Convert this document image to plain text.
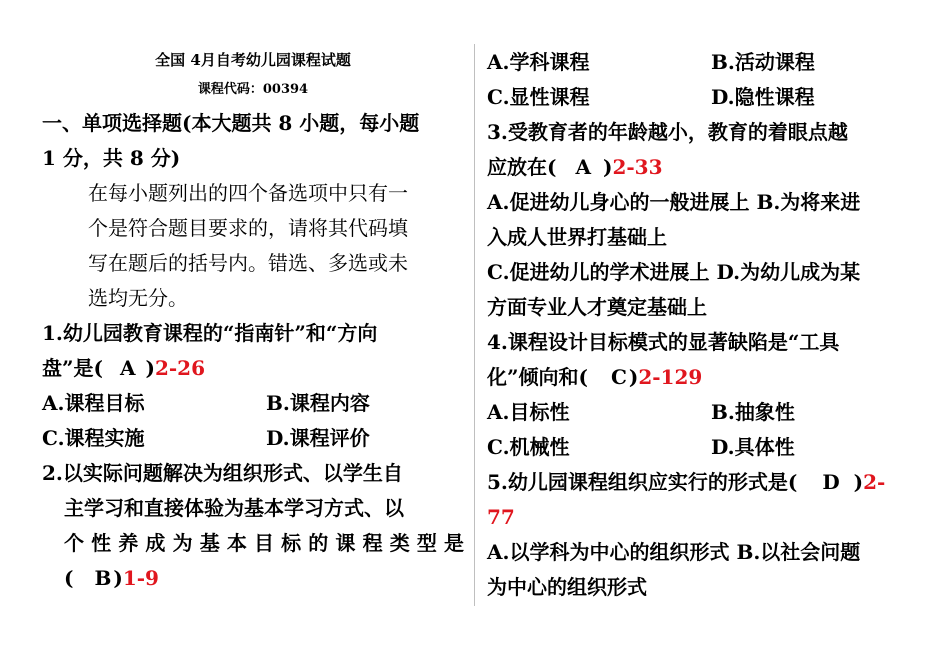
全国 4月自考幼儿园课程试题
课程代码：00394
一、单项选择题(本大题共 8 小题，每小题
1 分，共 8 分)
在每小题列出的四个备选项中只有一
个是符合题目要求的，请将其代码填
写在题后的括号内。错选、多选或未
选均无分。
1.幼儿园教育课程的“指南针”和“方向
盘”是( A )2-26
A.课程目标	B.课程内容
C.课程实施	D.课程评价
2.以实际问题解决为组织形式、以学生自
主学习和直接体验为基本学习方式、以
个性养成为基本目标的课程类型是
( B )1-9
A.学科课程	B.活动课程
C.显性课程	D.隐性课程
3.受教育者的年龄越小，教育的着眼点越
应放在( A )2-33
A.促进幼儿身心的一般进展上 B.为将来进
入成人世界打基础上
C.促进幼儿的学术进展上 D.为幼儿成为某
方面专业人才奠定基础上
4.课程设计目标模式的显著缺陷是“工具
化”倾向和( C )2-129
A.目标性	B.抽象性
C.机械性	D.具体性
5.幼儿园课程组织应实行的形式是( D )2-
77
A.以学科为中心的组织形式 B.以社会问题
为中心的组织形式
